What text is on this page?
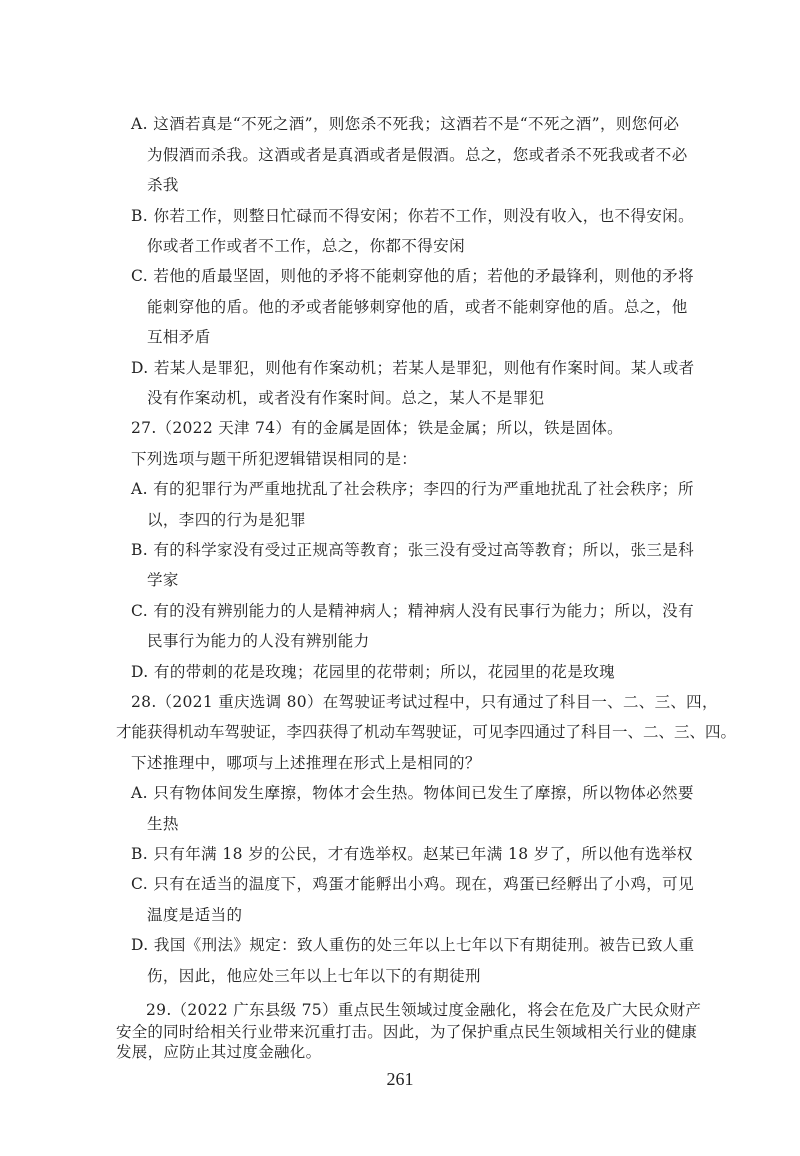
A. 这酒若真是“不死之酒”，则您杀不死我；这酒若不是“不死之酒”，则您何必
为假酒而杀我。这酒或者是真酒或者是假酒。总之，您或者杀不死我或者不必
杀我
B. 你若工作，则整日忙碌而不得安闲；你若不工作，则没有收入，也不得安闲。
你或者工作或者不工作，总之，你都不得安闲
C. 若他的盾最坚固，则他的矛将不能刺穿他的盾；若他的矛最锋利，则他的矛将
能刺穿他的盾。他的矛或者能够刺穿他的盾，或者不能刺穿他的盾。总之，他
互相矛盾
D. 若某人是罪犯，则他有作案动机；若某人是罪犯，则他有作案时间。某人或者
没有作案动机，或者没有作案时间。总之，某人不是罪犯
27.（2022 天津 74）有的金属是固体；铁是金属；所以，铁是固体。
下列选项与题干所犯逻辑错误相同的是：
A. 有的犯罪行为严重地扰乱了社会秩序；李四的行为严重地扰乱了社会秩序；所
以，李四的行为是犯罪
B. 有的科学家没有受过正规高等教育；张三没有受过高等教育；所以，张三是科
学家
C. 有的没有辨别能力的人是精神病人；精神病人没有民事行为能力；所以，没有
民事行为能力的人没有辨别能力
D. 有的带刺的花是玫瑰；花园里的花带刺；所以，花园里的花是玫瑰
28.（2021 重庆选调 80）在驾驶证考试过程中，只有通过了科目一、二、三、四，
才能获得机动车驾驶证，李四获得了机动车驾驶证，可见李四通过了科目一、二、三、四。
下述推理中，哪项与上述推理在形式上是相同的？
A. 只有物体间发生摩擦，物体才会生热。物体间已发生了摩擦，所以物体必然要
生热
B. 只有年满 18 岁的公民，才有选举权。赵某已年满 18 岁了，所以他有选举权
C. 只有在适当的温度下，鸡蛋才能孵出小鸡。现在，鸡蛋已经孵出了小鸡，可见
温度是适当的
D. 我国《刑法》规定：致人重伤的处三年以上七年以下有期徒刑。被告已致人重
伤，因此，他应处三年以上七年以下的有期徒刑
29.（2022 广东县级 75）重点民生领域过度金融化，将会在危及广大民众财产
安全的同时给相关行业带来沉重打击。因此，为了保护重点民生领域相关行业的健康
发展，应防止其过度金融化。
261
